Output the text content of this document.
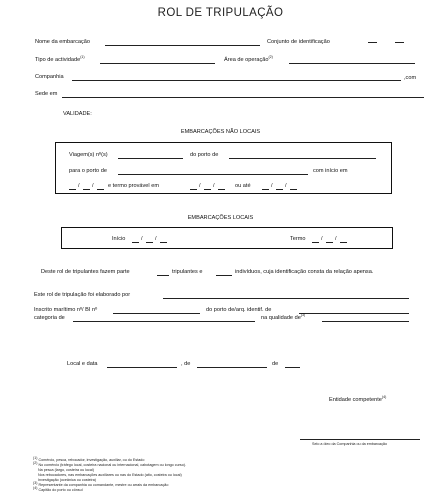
ROL DE TRIPULAÇÃO
Nome da embarcação	Conjunto de identificação
Tipo de actividade$^{(1)}$	Área de operação$^{(2)}$
Companhia	,com
Sede em
VALIDADE:
EMBARCAÇÕES NÃO LOCAIS
Viagem(s) nº(s)	do porto de
para o porto de	com início em
/ /	e termo provável em	/ /	ou até	/ /
EMBARCAÇÕES LOCAIS
Início	/ /	Termo	/ /
Deste rol de tripulantes fazem parte	tripulantes e	indivíduos, cuja identificação consta da relação apensa.
Este rol de tripulação foi elaborado por
Inscrito marítimo nº/ BI nº	do porto de/arq. identif. de
categoria de	na qualidade $de^{(3)}$
Local e data	, de	de
Entidade competente$^{(4)}$
Selo a óleo da Companhia ou da embarcação
(1) Comércio, pesca, rebocador, investigação, auxiliar, ou do Estado
(2) No comércio (tráfego local, costeira nacional ou internacional, cabotagem ou longo curso).
Na pesca (largo, costeira ou local)
Nos rebocadores, nas embarcações auxiliares ou nas do Estado (alto, costeira ou local)
Investigação (oceânica ou costeira)
(3) Representante da companhia ou comandante, mestre ou arrais da embarcação
(4) Capitão do porto ou cônsul
